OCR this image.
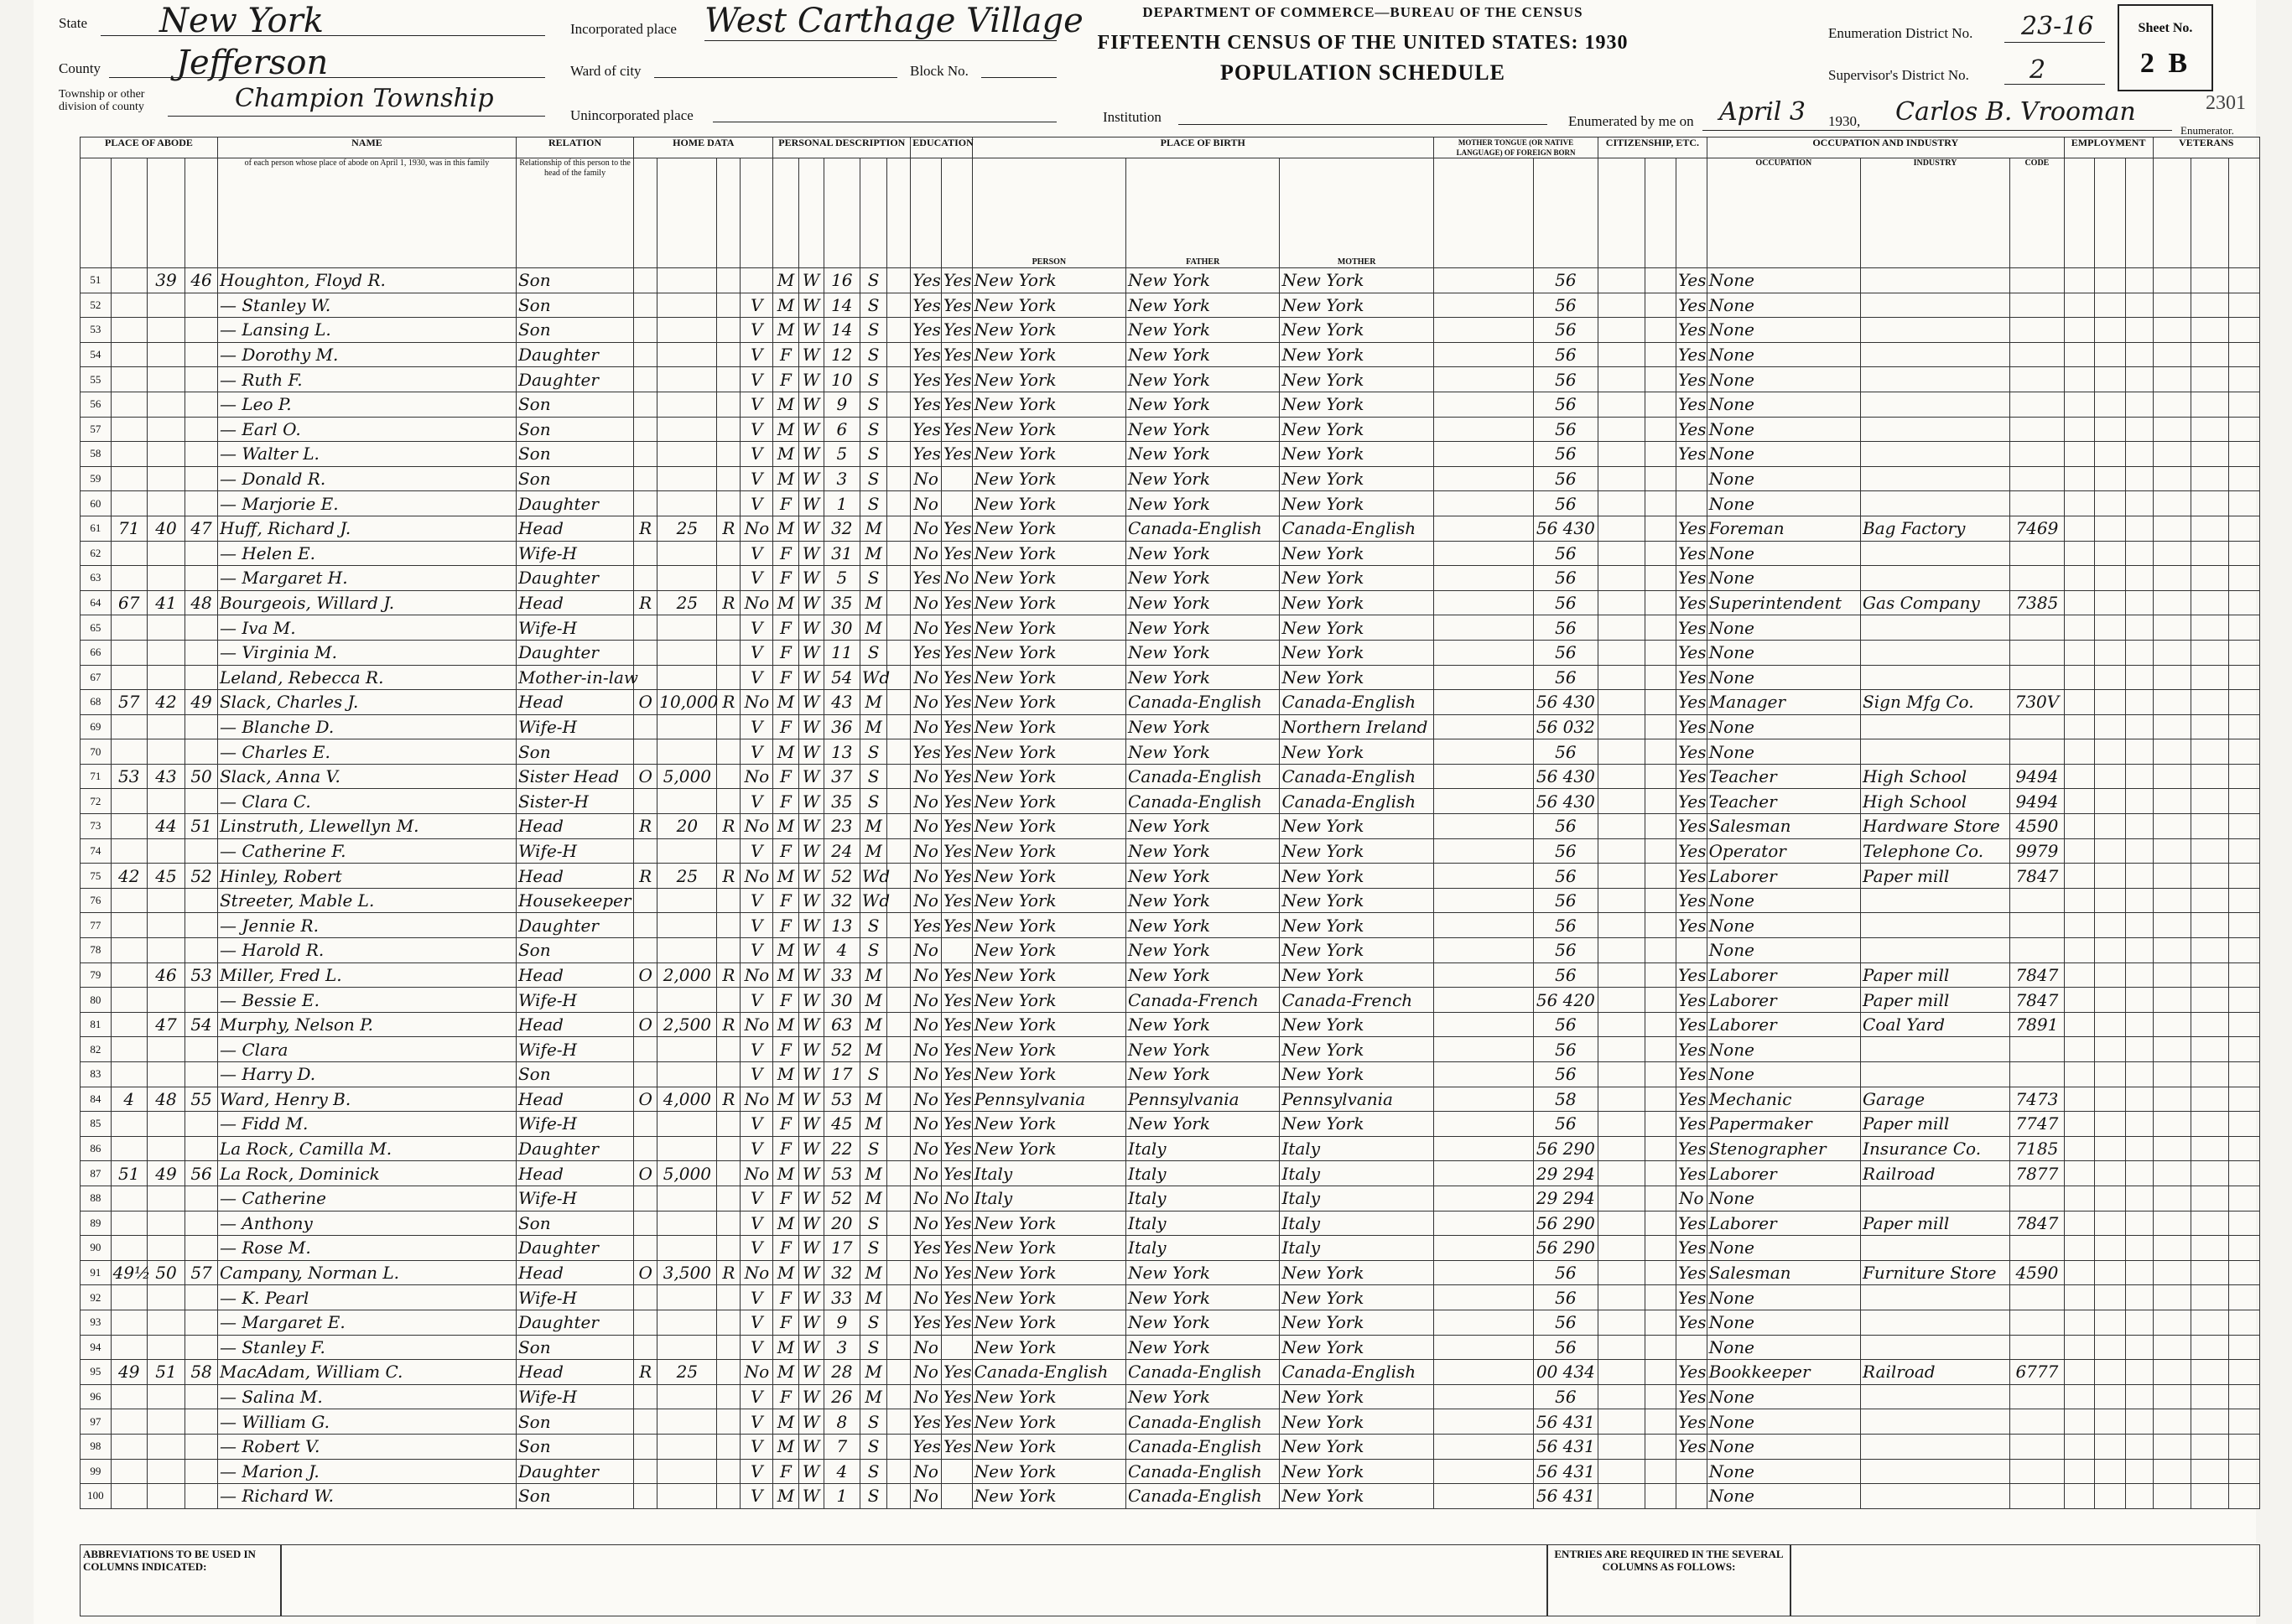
State New York
County Jefferson
Township or other division of county	Champion Township
Incorporated place West Carthage Village
Ward of city	Block No.
Unincorporated place
DEPARTMENT OF COMMERCE—BUREAU OF THE CENSUS
FIFTEENTH CENSUS OF THE UNITED STATES: 1930
POPULATION SCHEDULE
Institution
Enumeration District No. 23-16
Supervisor's District No. 2
Enumerated by me on April 3 1930, Carlos B. Vrooman
Enumerator.
2301
Sheet No.
2 B
PLACE OF ABODE				NAME	RELATION	HOME DATA				PERSONAL DESCRIPTION					EDUCATION		PLACE OF BIRTH			MOTHER TONGUE (OR NATIVE LANGUAGE) OF FOREIGN BORN		CITIZENSHIP, ETC.			OCCUPATION AND INDUSTRY			EMPLOYMENT			VETERANS		
				of each person whose place of abode on April 1, 1930, was in this family	Relationship of this person to the head of the family												PERSON	FATHER	MOTHER						OCCUPATION	INDUSTRY	CODE						
51		39	46	Houghton, Floyd R.	Son					M	W	16	S		Yes	Yes	New York	New York	New York		56			Yes	None								
52				— Stanley W.	Son				V	M	W	14	S		Yes	Yes	New York	New York	New York		56			Yes	None								
53				— Lansing L.	Son				V	M	W	14	S		Yes	Yes	New York	New York	New York		56			Yes	None								
54				— Dorothy M.	Daughter				V	F	W	12	S		Yes	Yes	New York	New York	New York		56			Yes	None								
55				— Ruth F.	Daughter				V	F	W	10	S		Yes	Yes	New York	New York	New York		56			Yes	None								
56				— Leo P.	Son				V	M	W	9	S		Yes	Yes	New York	New York	New York		56			Yes	None								
57				— Earl O.	Son				V	M	W	6	S		Yes	Yes	New York	New York	New York		56			Yes	None								
58				— Walter L.	Son				V	M	W	5	S		Yes	Yes	New York	New York	New York		56			Yes	None								
59				— Donald R.	Son				V	M	W	3	S		No		New York	New York	New York		56				None								
60				— Marjorie E.	Daughter				V	F	W	1	S		No		New York	New York	New York		56				None								
61	71	40	47	Huff, Richard J.	Head	R	25	R	No	M	W	32	M		No	Yes	New York	Canada-English	Canada-English		56 430			Yes	Foreman	Bag Factory	7469						
62				— Helen E.	Wife-H				V	F	W	31	M		No	Yes	New York	New York	New York		56			Yes	None								
63				— Margaret H.	Daughter				V	F	W	5	S		Yes	No	New York	New York	New York		56			Yes	None								
64	67	41	48	Bourgeois, Willard J.	Head	R	25	R	No	M	W	35	M		No	Yes	New York	New York	New York		56			Yes	Superintendent	Gas Company	7385						
65				— Iva M.	Wife-H				V	F	W	30	M		No	Yes	New York	New York	New York		56			Yes	None								
66				— Virginia M.	Daughter				V	F	W	11	S		Yes	Yes	New York	New York	New York		56			Yes	None								
67				Leland, Rebecca R.	Mother-in-law				V	F	W	54	Wd		No	Yes	New York	New York	New York		56			Yes	None								
68	57	42	49	Slack, Charles J.	Head	O	10,000	R	No	M	W	43	M		No	Yes	New York	Canada-English	Canada-English		56 430			Yes	Manager	Sign Mfg Co.	730V						
69				— Blanche D.	Wife-H				V	F	W	36	M		No	Yes	New York	New York	Northern Ireland		56 032			Yes	None								
70				— Charles E.	Son				V	M	W	13	S		Yes	Yes	New York	New York	New York		56			Yes	None								
71	53	43	50	Slack, Anna V.	Sister Head	O	5,000		No	F	W	37	S		No	Yes	New York	Canada-English	Canada-English		56 430			Yes	Teacher	High School	9494						
72				— Clara C.	Sister-H				V	F	W	35	S		No	Yes	New York	Canada-English	Canada-English		56 430			Yes	Teacher	High School	9494						
73		44	51	Linstruth, Llewellyn M.	Head	R	20	R	No	M	W	23	M		No	Yes	New York	New York	New York		56			Yes	Salesman	Hardware Store	4590						
74				— Catherine F.	Wife-H				V	F	W	24	M		No	Yes	New York	New York	New York		56			Yes	Operator	Telephone Co.	9979						
75	42	45	52	Hinley, Robert	Head	R	25	R	No	M	W	52	Wd		No	Yes	New York	New York	New York		56			Yes	Laborer	Paper mill	7847						
76				Streeter, Mable L.	Housekeeper				V	F	W	32	Wd		No	Yes	New York	New York	New York		56			Yes	None								
77				— Jennie R.	Daughter				V	F	W	13	S		Yes	Yes	New York	New York	New York		56			Yes	None								
78				— Harold R.	Son				V	M	W	4	S		No		New York	New York	New York		56				None								
79		46	53	Miller, Fred L.	Head	O	2,000	R	No	M	W	33	M		No	Yes	New York	New York	New York		56			Yes	Laborer	Paper mill	7847						
80				— Bessie E.	Wife-H				V	F	W	30	M		No	Yes	New York	Canada-French	Canada-French		56 420			Yes	Laborer	Paper mill	7847						
81		47	54	Murphy, Nelson P.	Head	O	2,500	R	No	M	W	63	M		No	Yes	New York	New York	New York		56			Yes	Laborer	Coal Yard	7891						
82				— Clara	Wife-H				V	F	W	52	M		No	Yes	New York	New York	New York		56			Yes	None								
83				— Harry D.	Son				V	M	W	17	S		No	Yes	New York	New York	New York		56			Yes	None								
84	4	48	55	Ward, Henry B.	Head	O	4,000	R	No	M	W	53	M		No	Yes	Pennsylvania	Pennsylvania	Pennsylvania		58			Yes	Mechanic	Garage	7473						
85				— Fidd M.	Wife-H				V	F	W	45	M		No	Yes	New York	New York	New York		56			Yes	Papermaker	Paper mill	7747						
86				La Rock, Camilla M.	Daughter				V	F	W	22	S		No	Yes	New York	Italy	Italy		56 290			Yes	Stenographer	Insurance Co.	7185						
87	51	49	56	La Rock, Dominick	Head	O	5,000		No	M	W	53	M		No	Yes	Italy	Italy	Italy		29 294			Yes	Laborer	Railroad	7877						
88				— Catherine	Wife-H				V	F	W	52	M		No	No	Italy	Italy	Italy		29 294			No	None								
89				— Anthony	Son				V	M	W	20	S		No	Yes	New York	Italy	Italy		56 290			Yes	Laborer	Paper mill	7847						
90				— Rose M.	Daughter				V	F	W	17	S		Yes	Yes	New York	Italy	Italy		56 290			Yes	None								
91	49½	50	57	Campany, Norman L.	Head	O	3,500	R	No	M	W	32	M		No	Yes	New York	New York	New York		56			Yes	Salesman	Furniture Store	4590						
92				— K. Pearl	Wife-H				V	F	W	33	M		No	Yes	New York	New York	New York		56			Yes	None								
93				— Margaret E.	Daughter				V	F	W	9	S		Yes	Yes	New York	New York	New York		56			Yes	None								
94				— Stanley F.	Son				V	M	W	3	S		No		New York	New York	New York		56				None								
95	49	51	58	MacAdam, William C.	Head	R	25		No	M	W	28	M		No	Yes	Canada-English	Canada-English	Canada-English		00 434			Yes	Bookkeeper	Railroad	6777						
96				— Salina M.	Wife-H				V	F	W	26	M		No	Yes	New York	New York	New York		56			Yes	None								
97				— William G.	Son				V	M	W	8	S		Yes	Yes	New York	Canada-English	New York		56 431			Yes	None								
98				— Robert V.	Son				V	M	W	7	S		Yes	Yes	New York	Canada-English	New York		56 431			Yes	None								
99				— Marion J.	Daughter				V	F	W	4	S		No		New York	Canada-English	New York		56 431				None								
100				— Richard W.	Son				V	M	W	1	S		No		New York	Canada-English	New York		56 431				None								
ABBREVIATIONS TO BE USED IN COLUMNS INDICATED:
ENTRIES ARE REQUIRED IN THE SEVERAL COLUMNS AS FOLLOWS:
